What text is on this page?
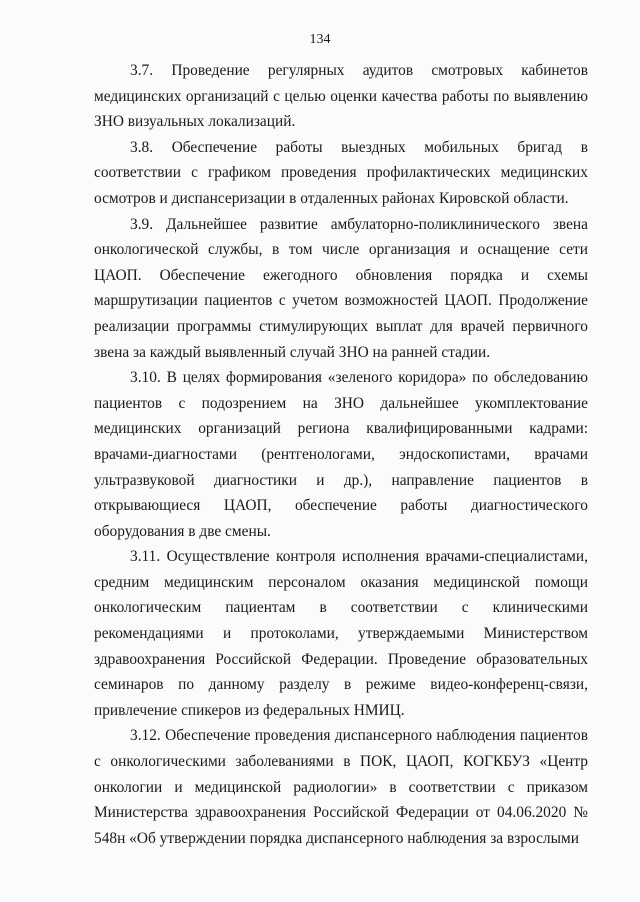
134

3.7. Проведение регулярных аудитов смотровых кабинетов медицинских организаций с целью оценки качества работы по выявлению ЗНО визуальных локализаций.

3.8. Обеспечение работы выездных мобильных бригад в соответствии с графиком проведения профилактических медицинских осмотров и диспансеризации в отдаленных районах Кировской области.

3.9. Дальнейшее развитие амбулаторно-поликлинического звена онкологической службы, в том числе организация и оснащение сети ЦАОП. Обеспечение ежегодного обновления порядка и схемы маршрутизации пациентов с учетом возможностей ЦАОП. Продолжение реализации программы стимулирующих выплат для врачей первичного звена за каждый выявленный случай ЗНО на ранней стадии.

3.10. В целях формирования «зеленого коридора» по обследованию пациентов с подозрением на ЗНО дальнейшее укомплектование медицинских организаций региона квалифицированными кадрами: врачами-диагностами (рентгенологами, эндоскопистами, врачами ультразвуковой диагностики и др.), направление пациентов в открывающиеся ЦАОП, обеспечение работы диагностического оборудования в две смены.

3.11. Осуществление контроля исполнения врачами-специалистами, средним медицинским персоналом оказания медицинской помощи онкологическим пациентам в соответствии с клиническими рекомендациями и протоколами, утверждаемыми Министерством здравоохранения Российской Федерации. Проведение образовательных семинаров по данному разделу в режиме видео-конференц-связи, привлечение спикеров из федеральных НМИЦ.

3.12. Обеспечение проведения диспансерного наблюдения пациентов с онкологическими заболеваниями в ПОК, ЦАОП, КОГКБУЗ «Центр онкологии и медицинской радиологии» в соответствии с приказом Министерства здравоохранения Российской Федерации от 04.06.2020 № 548н «Об утверждении порядка диспансерного наблюдения за взрослыми
